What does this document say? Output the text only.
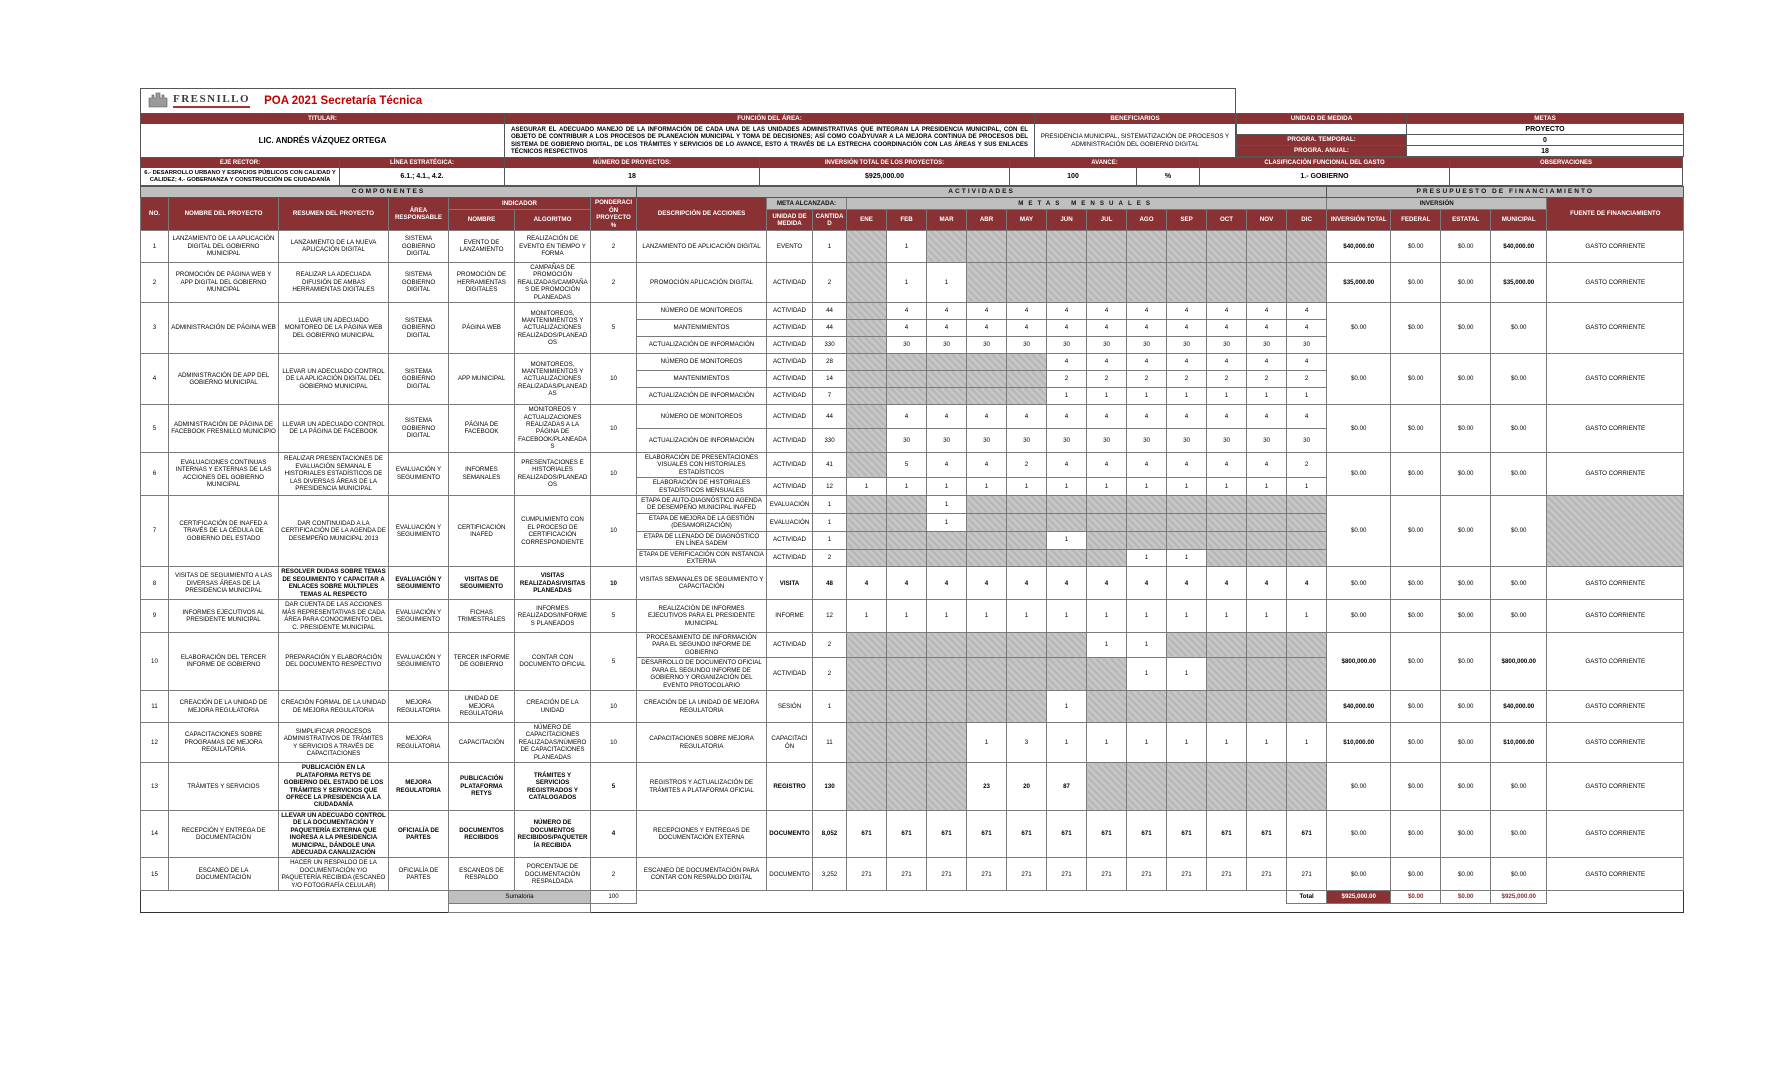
FRESNILLO POA 2021 Secretaría Técnica
TITULAR:
LIC. ANDRÉS VÁZQUEZ ORTEGA
FUNCIÓN DEL ÁREA:
ASEGURAR EL ADECUADO MANEJO DE LA INFORMACIÓN DE CADA UNA DE LAS UNIDADES ADMINISTRATIVAS QUE INTEGRAN LA PRESIDENCIA MUNICIPAL, CON EL OBJETO DE CONTRIBUIR A LOS PROCESOS DE PLANEACIÓN MUNICIPAL Y TOMA DE DECISIONES; ASÍ COMO COADYUVAR A LA MEJORA CONTINUA DE PROCESOS DEL SISTEMA DE GOBIERNO DIGITAL, DE LOS TRÁMITES Y SERVICIOS DE LO AVANCE, ESTO A TRAVÉS DE LA ESTRECHA COORDINACIÓN CON LAS ÁREAS Y SUS ENLACES TÉCNICOS RESPECTIVOS
BENEFICIARIOS
PRESIDENCIA MUNICIPAL, SISTEMATIZACIÓN DE PROCESOS Y ADMINISTRACIÓN DEL GOBIERNO DIGITAL
UNIDAD DE MEDIDA	METAS
PROYECTO
PROGRA. TEMPORAL:	0
PROGRA. ANUAL:	18
EJE RECTOR:
6.- DESARROLLO URBANO Y ESPACIOS PÚBLICOS CON CALIDAD Y CALIDEZ; 4.- GOBERNANZA Y CONSTRUCCIÓN DE CIUDADANÍA
LÍNEA ESTRATÉGICA:
6.1.; 4.1., 4.2.
NÚMERO DE PROYECTOS:
18
INVERSIÓN TOTAL DE LOS PROYECTOS:
$925,000.00
AVANCE:
100	%
CLASIFICACIÓN FUNCIONAL DEL GASTO
1.- GOBIERNO
OBSERVACIONES
COMPONENTES							ACTIVIDADES															PRESUPUESTO DE FINANCIAMIENTO				
NO.	NOMBRE DEL PROYECTO	RESUMEN DEL PROYECTO	ÁREA RESPONSABLE	INDICADOR		PONDERACIÓN PROYECTO %	DESCRIPCIÓN DE ACCIONES	META ALCANZADA:		METAS MENSUALES												INVERSIÓN				FUENTE DE FINANCIAMIENTO
				NOMBRE	ALGORITMO			UNIDAD DE MEDIDA	CANTIDAD	ENE	FEB	MAR	ABR	MAY	JUN	JUL	AGO	SEP	OCT	NOV	DIC	INVERSIÓN TOTAL	FEDERAL	ESTATAL	MUNICIPAL	
1	LANZAMIENTO DE LA APLICACIÓN DIGITAL DEL GOBIERNO MUNICIPAL	LANZAMIENTO DE LA NUEVA APLICACIÓN DIGITAL	SISTEMA GOBIERNO DIGITAL	EVENTO DE LANZAMIENTO	REALIZACIÓN DE EVENTO EN TIEMPO Y FORMA	2	LANZAMIENTO DE APLICACIÓN DIGITAL	EVENTO	1		1											$40,000.00	$0.00	$0.00	$40,000.00	GASTO CORRIENTE
2	PROMOCIÓN DE PÁGINA WEB Y APP DIGITAL DEL GOBIERNO MUNICIPAL	REALIZAR LA ADECUADA DIFUSIÓN DE AMBAS HERRAMIENTAS DIGITALES	SISTEMA GOBIERNO DIGITAL	PROMOCIÓN DE HERRAMIENTAS DIGITALES	CAMPAÑAS DE PROMOCIÓN REALIZADAS/CAMPAÑAS DE PROMOCIÓN PLANEADAS	2	PROMOCIÓN APLICACIÓN DIGITAL	ACTIVIDAD	2		1	1										$35,000.00	$0.00	$0.00	$35,000.00	GASTO CORRIENTE
3	ADMINISTRACIÓN DE PÁGINA WEB	LLEVAR UN ADECUADO MONITOREO DE LA PÁGINA WEB DEL GOBIERNO MUNICIPAL	SISTEMA GOBIERNO DIGITAL	PÁGINA WEB	MONITOREOS, MANTENIMIENTOS Y ACTUALIZACIONES REALIZADOS/PLANEADOS	5	NÚMERO DE MONITOREOS	ACTIVIDAD	44		4	4	4	4	4	4	4	4	4	4	4	$0.00	$0.00	$0.00	$0.00	GASTO CORRIENTE
							MANTENIMIENTOS	ACTIVIDAD	44		4	4	4	4	4	4	4	4	4	4	4					
							ACTUALIZACIÓN DE INFORMACIÓN	ACTIVIDAD	330		30	30	30	30	30	30	30	30	30	30	30					
4	ADMINISTRACIÓN DE APP DEL GOBIERNO MUNICIPAL	LLEVAR UN ADECUADO CONTROL DE LA APLICACIÓN DIGITAL DEL GOBIERNO MUNICIPAL	SISTEMA GOBIERNO DIGITAL	APP MUNICIPAL	MONITOREOS, MANTENIMIENTOS Y ACTUALIZACIONES REALIZADAS/PLANEADAS	10	NÚMERO DE MONITOREOS	ACTIVIDAD	28						4	4	4	4	4	4	4	$0.00	$0.00	$0.00	$0.00	GASTO CORRIENTE
							MANTENIMIENTOS	ACTIVIDAD	14						2	2	2	2	2	2	2					
							ACTUALIZACIÓN DE INFORMACIÓN	ACTIVIDAD	7						1	1	1	1	1	1	1					
5	ADMINISTRACIÓN DE PÁGINA DE FACEBOOK FRESNILLO MUNICIPIO	LLEVAR UN ADECUADO CONTROL DE LA PÁGINA DE FACEBOOK	SISTEMA GOBIERNO DIGITAL	PÁGINA DE FACEBOOK	MONITOREOS Y ACTUALIZACIONES REALIZADAS A LA PÁGINA DE FACEBOOK/PLANEADAS	10	NÚMERO DE MONITOREOS	ACTIVIDAD	44		4	4	4	4	4	4	4	4	4	4	4	$0.00	$0.00	$0.00	$0.00	GASTO CORRIENTE
							ACTUALIZACIÓN DE INFORMACIÓN	ACTIVIDAD	330		30	30	30	30	30	30	30	30	30	30	30					
6	EVALUACIONES CONTINUAS INTERNAS Y EXTERNAS DE LAS ACCIONES DEL GOBIERNO MUNICIPAL	REALIZAR PRESENTACIONES DE EVALUACIÓN SEMANAL E HISTORIALES ESTADÍSTICOS DE LAS DIVERSAS ÁREAS DE LA PRESIDENCIA MUNICIPAL	EVALUACIÓN Y SEGUIMIENTO	INFORMES SEMANALES	PRESENTACIONES E HISTORIALES REALIZADOS/PLANEADOS	10	ELABORACIÓN DE PRESENTACIONES VISUALES CON HISTORIALES ESTADÍSTICOS	ACTIVIDAD	41		5	4	4	2	4	4	4	4	4	4	2	$0.00	$0.00	$0.00	$0.00	GASTO CORRIENTE
							ELABORACIÓN DE HISTORIALES ESTADÍSTICOS MENSUALES	ACTIVIDAD	12	1	1	1	1	1	1	1	1	1	1	1	1					
7	CERTIFICACIÓN DE INAFED A TRAVÉS DE LA CÉDULA DE GOBIERNO DEL ESTADO	DAR CONTINUIDAD A LA CERTIFICACIÓN DE LA AGENDA DE DESEMPEÑO MUNICIPAL 2013	EVALUACIÓN Y SEGUIMIENTO	CERTIFICACIÓN INAFED	CUMPLIMIENTO CON EL PROCESO DE CERTIFICACIÓN CORRESPONDIENTE	10	ETAPA DE AUTO-DIAGNÓSTICO AGENDA DE DESEMPEÑO MUNICIPAL INAFED	EVALUACIÓN	1			1										$0.00	$0.00	$0.00	$0.00	
							ETAPA DE MEJORA DE LA GESTIÓN (DESAMORIZACIÓN)	EVALUACIÓN	1			1														
							ETAPA DE LLENADO DE DIAGNÓSTICO EN LÍNEA SADEM	ACTIVIDAD	1						1											
							ETAPA DE VERIFICACIÓN CON INSTANCIA EXTERNA	ACTIVIDAD	2								1	1								
8	VISITAS DE SEGUIMIENTO A LAS DIVERSAS ÁREAS DE LA PRESIDENCIA MUNICIPAL	RESOLVER DUDAS SOBRE TEMAS DE SEGUIMIENTO Y CAPACITAR A ENLACES SOBRE MÚLTIPLES TEMAS AL RESPECTO	EVALUACIÓN Y SEGUIMIENTO	VISITAS DE SEGUIMIENTO	VISITAS REALIZADAS/VISITAS PLANEADAS	10	VISITAS SEMANALES DE SEGUIMIENTO Y CAPACITACIÓN	VISITA	48	4	4	4	4	4	4	4	4	4	4	4	4	$0.00	$0.00	$0.00	$0.00	GASTO CORRIENTE
9	INFORMES EJECUTIVOS AL PRESIDENTE MUNICIPAL	DAR CUENTA DE LAS ACCIONES MÁS REPRESENTATIVAS DE CADA ÁREA PARA CONOCIMIENTO DEL C. PRESIDENTE MUNICIPAL	EVALUACIÓN Y SEGUIMIENTO	FICHAS TRIMESTRALES	INFORMES REALIZADOS/INFORMES PLANEADOS	5	REALIZACIÓN DE INFORMES EJECUTIVOS PARA EL PRESIDENTE MUNICIPAL	INFORME	12	1	1	1	1	1	1	1	1	1	1	1	1	$0.00	$0.00	$0.00	$0.00	GASTO CORRIENTE
10	ELABORACIÓN DEL TERCER INFORME DE GOBIERNO	PREPARACIÓN Y ELABORACIÓN DEL DOCUMENTO RESPECTIVO	EVALUACIÓN Y SEGUIMIENTO	TERCER INFORME DE GOBIERNO	CONTAR CON DOCUMENTO OFICIAL	5	PROCESAMIENTO DE INFORMACIÓN PARA EL SEGUNDO INFORME DE GOBIERNO	ACTIVIDAD	2							1	1					$800,000.00	$0.00	$0.00	$800,000.00	GASTO CORRIENTE
							DESARROLLO DE DOCUMENTO OFICIAL PARA EL SEGUNDO INFORME DE GOBIERNO Y ORGANIZACIÓN DEL EVENTO PROTOCOLARIO	ACTIVIDAD	2								1	1								
11	CREACIÓN DE LA UNIDAD DE MEJORA REGULATORIA	CREACIÓN FORMAL DE LA UNIDAD DE MEJORA REGULATORIA	MEJORA REGULATORIA	UNIDAD DE MEJORA REGULATORIA	CREACIÓN DE LA UNIDAD	10	CREACIÓN DE LA UNIDAD DE MEJORA REGULATORIA	SESIÓN	1						1							$40,000.00	$0.00	$0.00	$40,000.00	GASTO CORRIENTE
12	CAPACITACIONES SOBRE PROGRAMAS DE MEJORA REGULATORIA	SIMPLIFICAR PROCESOS ADMINISTRATIVOS DE TRÁMITES Y SERVICIOS A TRAVÉS DE CAPACITACIONES	MEJORA REGULATORIA	CAPACITACIÓN	NÚMERO DE CAPACITACIONES REALIZADAS/NÚMERO DE CAPACITACIONES PLANEADAS	10	CAPACITACIONES SOBRE MEJORA REGULATORIA	CAPACITACIÓN	11				1	3	1	1	1	1	1	1	1	$10,000.00	$0.00	$0.00	$10,000.00	GASTO CORRIENTE
13	TRÁMITES Y SERVICIOS	PUBLICACIÓN EN LA PLATAFORMA RETYS DE GOBIERNO DEL ESTADO DE LOS TRÁMITES Y SERVICIOS QUE OFRECE LA PRESIDENCIA A LA CIUDADANÍA	MEJORA REGULATORIA	PUBLICACIÓN PLATAFORMA RETYS	TRÁMITES Y SERVICIOS REGISTRADOS Y CATALOGADOS	5	REGISTROS Y ACTUALIZACIÓN DE TRÁMITES A PLATAFORMA OFICIAL	REGISTRO	130				23	20	87							$0.00	$0.00	$0.00	$0.00	GASTO CORRIENTE
14	RECEPCIÓN Y ENTREGA DE DOCUMENTACIÓN	LLEVAR UN ADECUADO CONTROL DE LA DOCUMENTACIÓN Y PAQUETERÍA EXTERNA QUE INGRESA A LA PRESIDENCIA MUNICIPAL, DÁNDOLE UNA ADECUADA CANALIZACIÓN	OFICIALÍA DE PARTES	DOCUMENTOS RECIBIDOS	NÚMERO DE DOCUMENTOS RECIBIDOS/PAQUETERÍA RECIBIDA	4	RECEPCIONES Y ENTREGAS DE DOCUMENTACIÓN EXTERNA	DOCUMENTO	8,052	671	671	671	671	671	671	671	671	671	671	671	671	$0.00	$0.00	$0.00	$0.00	GASTO CORRIENTE
15	ESCANEO DE LA DOCUMENTACIÓN	HACER UN RESPALDO DE LA DOCUMENTACIÓN Y/O PAQUETERÍA RECIBIDA (ESCANEO Y/O FOTOGRAFÍA CELULAR)	OFICIALÍA DE PARTES	ESCANEOS DE RESPALDO	PORCENTAJE DE DOCUMENTACIÓN RESPALDADA	2	ESCANEO DE DOCUMENTACIÓN PARA CONTAR CON RESPALDO DIGITAL	DOCUMENTO	3,252	271	271	271	271	271	271	271	271	271	271	271	271	$0.00	$0.00	$0.00	$0.00	GASTO CORRIENTE
				Sumatoria		100															Total	$925,000.00	$0.00	$0.00	$925,000.00	
